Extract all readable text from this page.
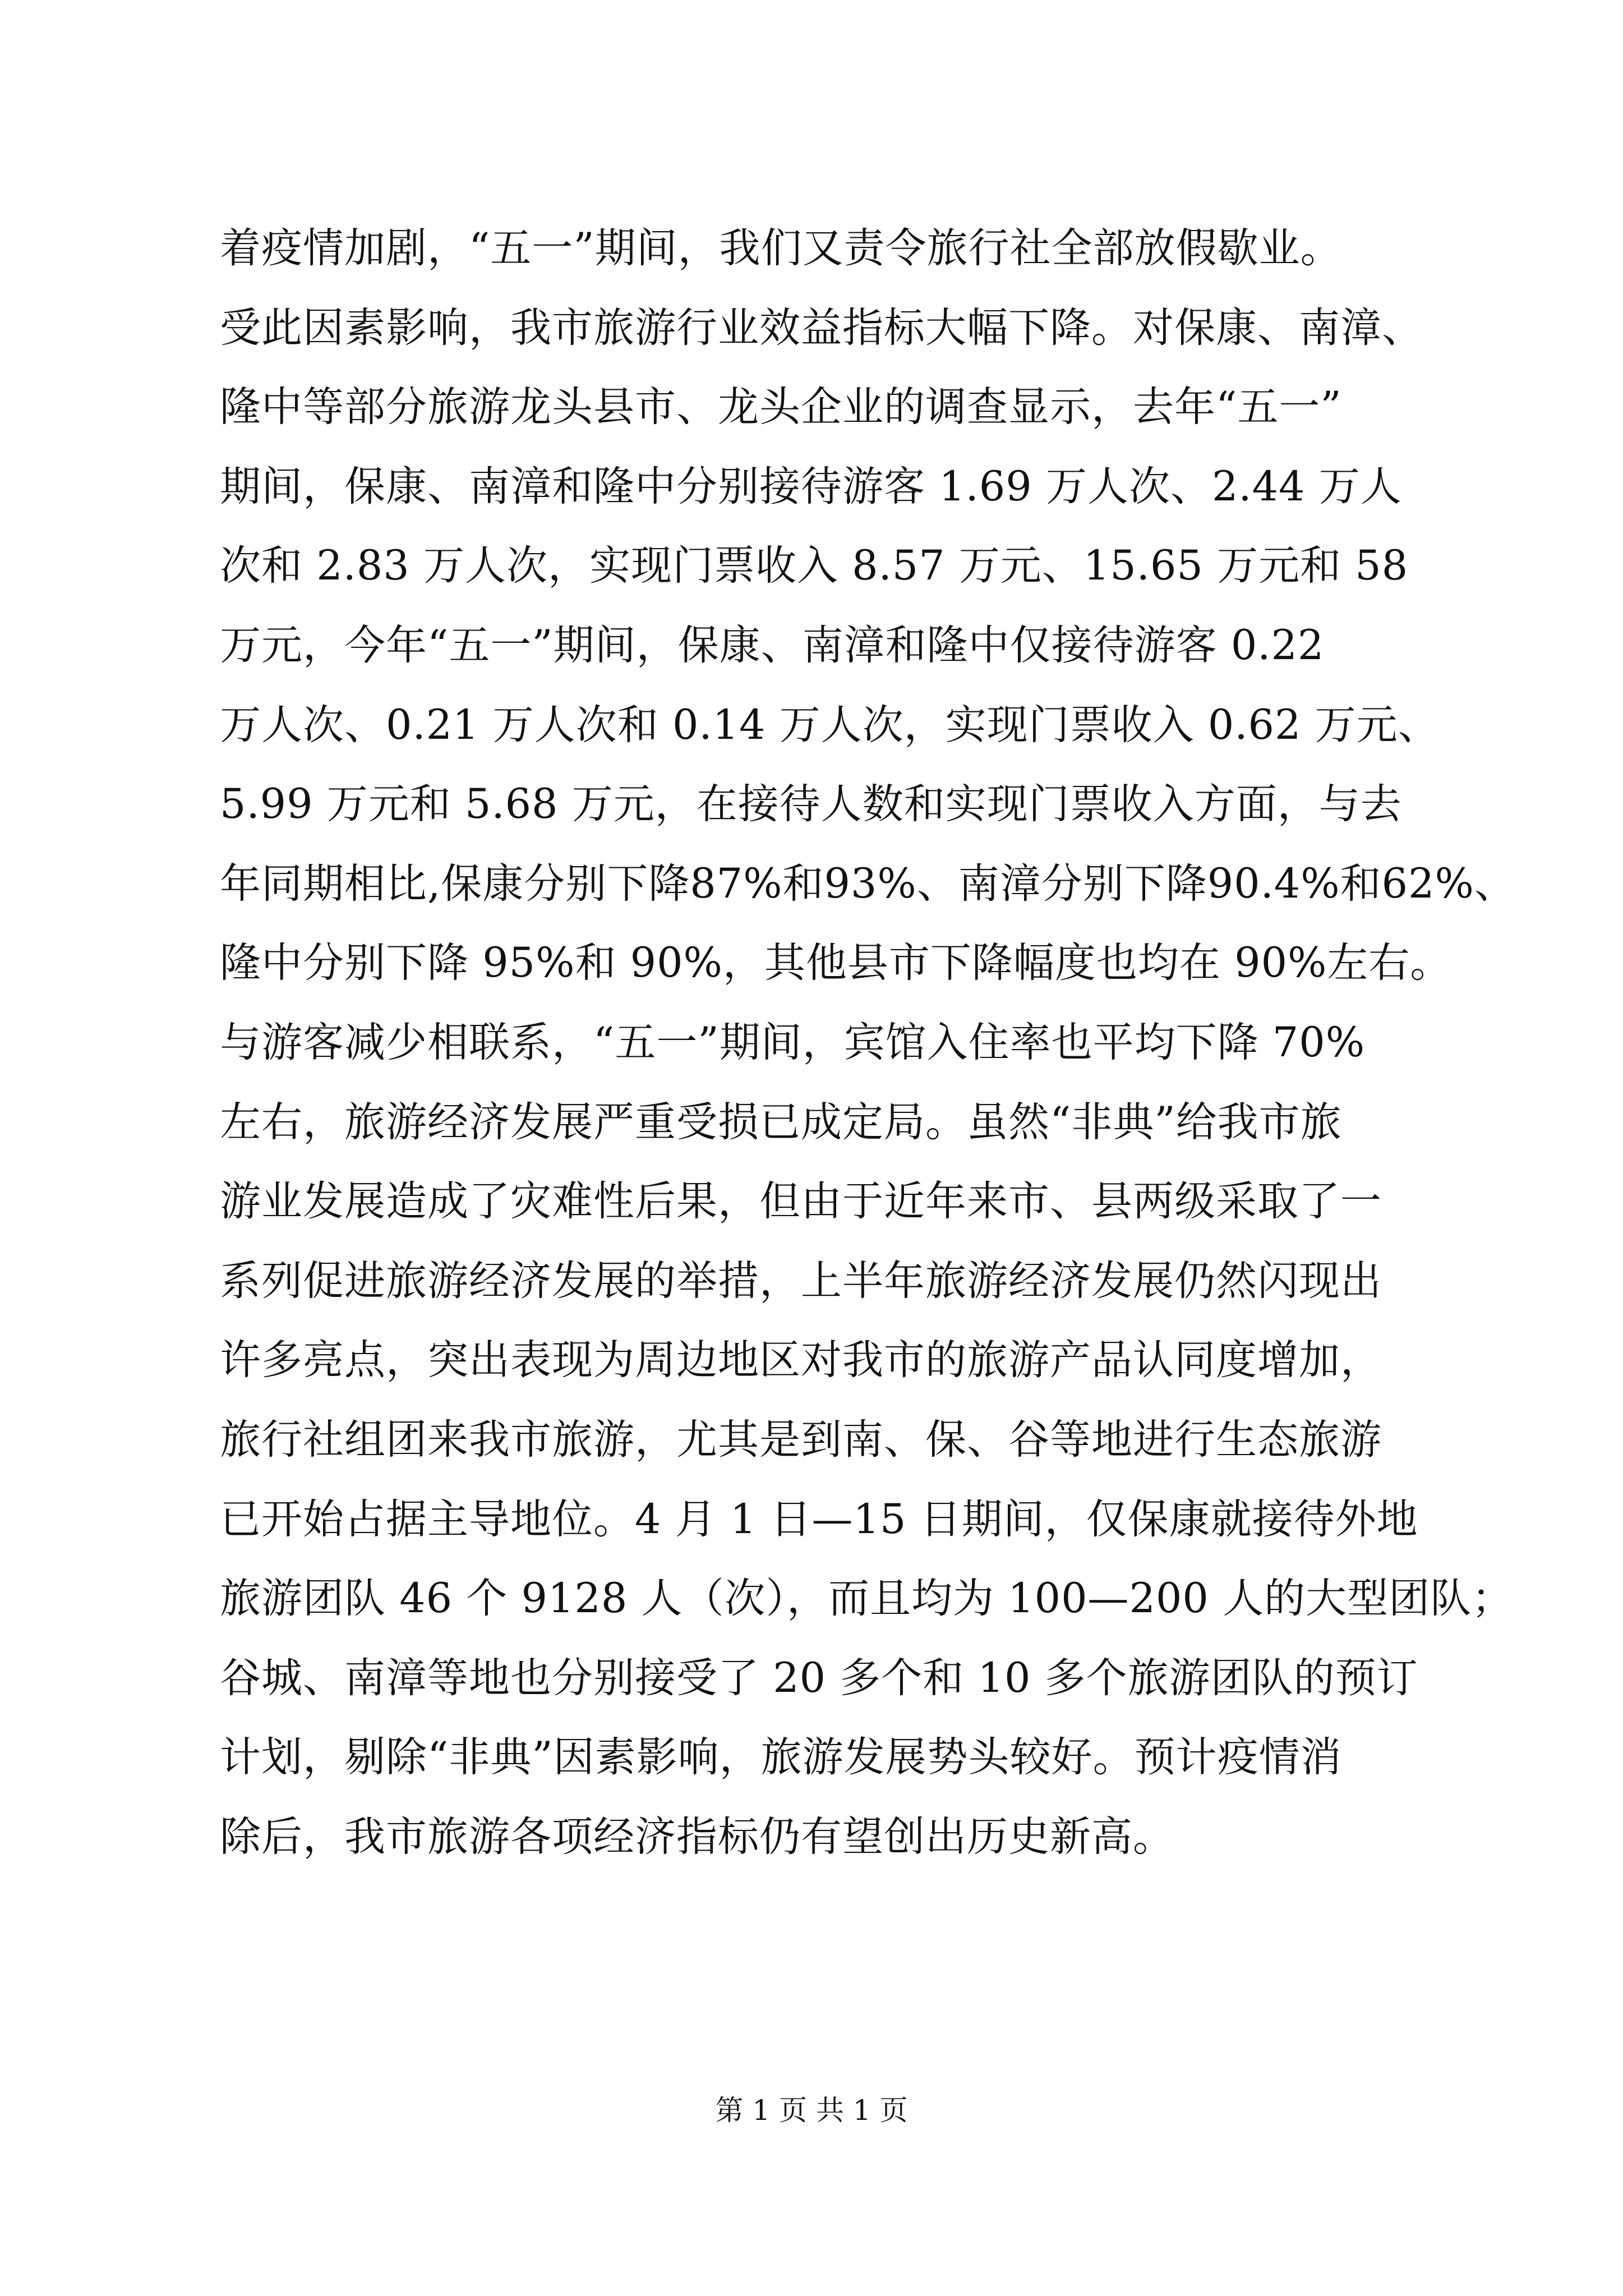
着疫情加剧，“五一”期间，我们又责令旅行社全部放假歇业。
受此因素影响，我市旅游行业效益指标大幅下降。对保康、南漳、
隆中等部分旅游龙头县市、龙头企业的调查显示，去年“五一”
期间，保康、南漳和隆中分别接待游客 1.69 万人次、2.44 万人
次和 2.83 万人次，实现门票收入 8.57 万元、15.65 万元和 58
万元，今年“五一”期间，保康、南漳和隆中仅接待游客 0.22
万人次、0.21 万人次和 0.14 万人次，实现门票收入 0.62 万元、
5.99 万元和 5.68 万元，在接待人数和实现门票收入方面，与去
年同期相比,保康分别下降87%和93%、南漳分别下降90.4%和62%、
隆中分别下降 95%和 90%，其他县市下降幅度也均在 90%左右。
与游客减少相联系，“五一”期间，宾馆入住率也平均下降 70%
左右，旅游经济发展严重受损已成定局。虽然“非典”给我市旅
游业发展造成了灾难性后果，但由于近年来市、县两级采取了一
系列促进旅游经济发展的举措，上半年旅游经济发展仍然闪现出
许多亮点，突出表现为周边地区对我市的旅游产品认同度增加，
旅行社组团来我市旅游，尤其是到南、保、谷等地进行生态旅游
已开始占据主导地位。4 月 1 日—15 日期间，仅保康就接待外地
旅游团队 46 个 9128 人（次），而且均为 100—200 人的大型团队；
谷城、南漳等地也分别接受了 20 多个和 10 多个旅游团队的预订
计划，剔除“非典”因素影响，旅游发展势头较好。预计疫情消
除后，我市旅游各项经济指标仍有望创出历史新高。
第 1 页 共 1 页
